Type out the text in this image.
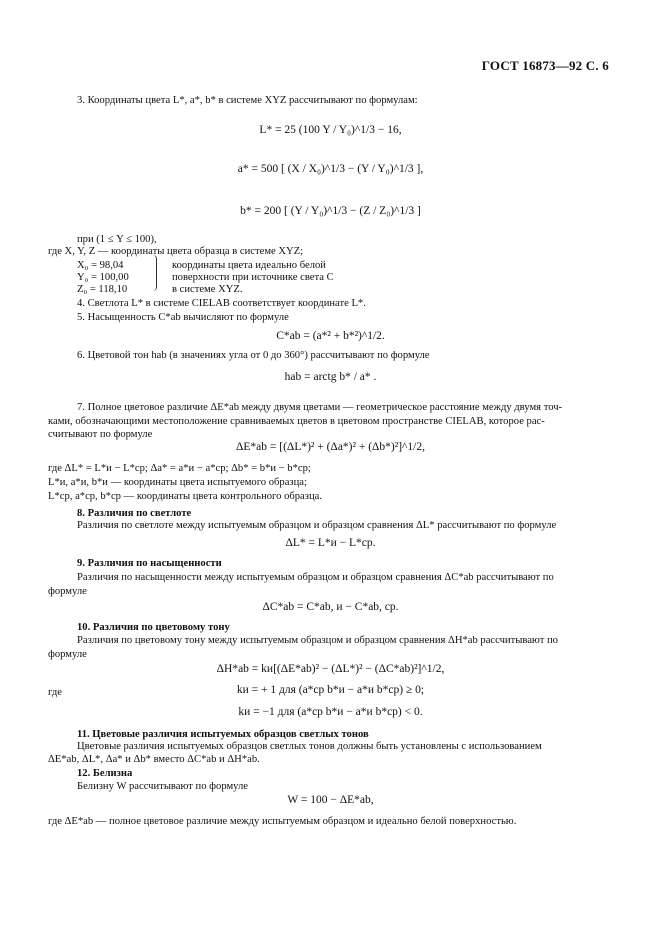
ГОСТ 16873—92 С. 6
3. Координаты цвета L*, a*, b* в системе XYZ рассчитывают по формулам:
L* = 25 (100 Y / Y₀)^1/3 − 16,
a* = 500 [ (X / X₀)^1/3 − (Y / Y₀)^1/3 ],
b* = 200 [ (Y / Y₀)^1/3 − (Z / Z₀)^1/3 ]
при (1 ≤ Y ≤ 100),
где X, Y, Z — координаты цвета образца в системе XYZ;
X₀ = 98,04
Y₀ = 100,00
Z₀ = 118,10
координаты цвета идеально белой
поверхности при источнике света C
в системе XYZ.
4. Светлота L* в системе CIELAB соответствует координате L*.
5. Насыщенность C*ab вычисляют по формуле
C*ab = (a*² + b*²)^1/2.
6. Цветовой тон hab (в значениях угла от 0 до 360°) рассчитывают по формуле
hab = arctg b* / a* .
7. Полное цветовое различие ΔE*ab между двумя цветами — геометрическое расстояние между двумя точ-
ками, обозначающими местоположение сравниваемых цветов в цветовом пространстве CIELAB, которое рас-
считывают по формуле
ΔE*ab = [(ΔL*)² + (Δa*)² + (Δb*)²]^1/2,
где ΔL* = L*и − L*ср; Δa* = a*и − a*ср; Δb* = b*и − b*ср;
L*и, a*и, b*и — координаты цвета испытуемого образца;
L*ср, a*ср, b*ср — координаты цвета контрольного образца.
8. Различия по светлоте
Различия по светлоте между испытуемым образцом и образцом сравнения ΔL* рассчитывают по формуле
ΔL* = L*и − L*ср.
9. Различия по насыщенности
Различия по насыщенности между испытуемым образцом и образцом сравнения ΔC*ab рассчитывают по
формуле
ΔC*ab = C*ab, и − C*ab, ср.
10. Различия по цветовому тону
Различия по цветовому тону между испытуемым образцом и образцом сравнения ΔH*ab рассчитывают по
формуле
ΔH*ab = kи[(ΔE*ab)² − (ΔL*)² − (ΔC*ab)²]^1/2,
где	kи = + 1 для (a*ср b*и − a*и b*ср) ≥ 0;
kи = −1 для (a*ср b*и − a*и b*ср) < 0.
11. Цветовые различия испытуемых образцов светлых тонов
Цветовые различия испытуемых образцов светлых тонов должны быть установлены с использованием
ΔE*ab, ΔL*, Δa* и Δb* вместо ΔC*ab и ΔH*ab.
12. Белизна
Белизну W рассчитывают по формуле
W = 100 − ΔE*ab,
где ΔE*ab — полное цветовое различие между испытуемым образцом и идеально белой поверхностью.
